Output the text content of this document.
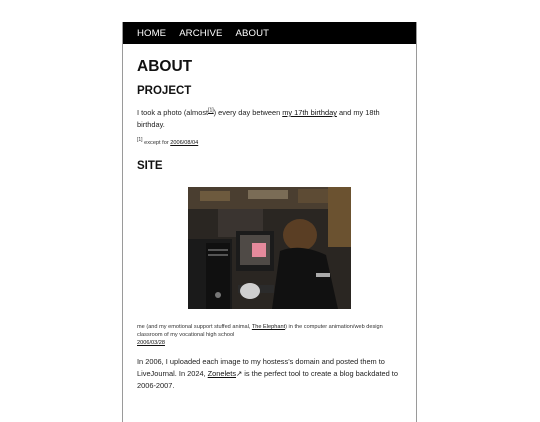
HOME ARCHIVE ABOUT
ABOUT
PROJECT

I took a photo (almost[1]) every day between my 17th birthday and my 18th birthday.

[1] except for 2006/08/04

SITE

me (and my emotional support stuffed animal, The Elephant) in the computer animation/web design classroom of my vocational high school
2006/03/28

In 2006, I uploaded each image to my hostess's domain and posted them to LiveJournal. In 2024, Zonelets↗ is the perfect tool to create a blog backdated to 2006-2007.
